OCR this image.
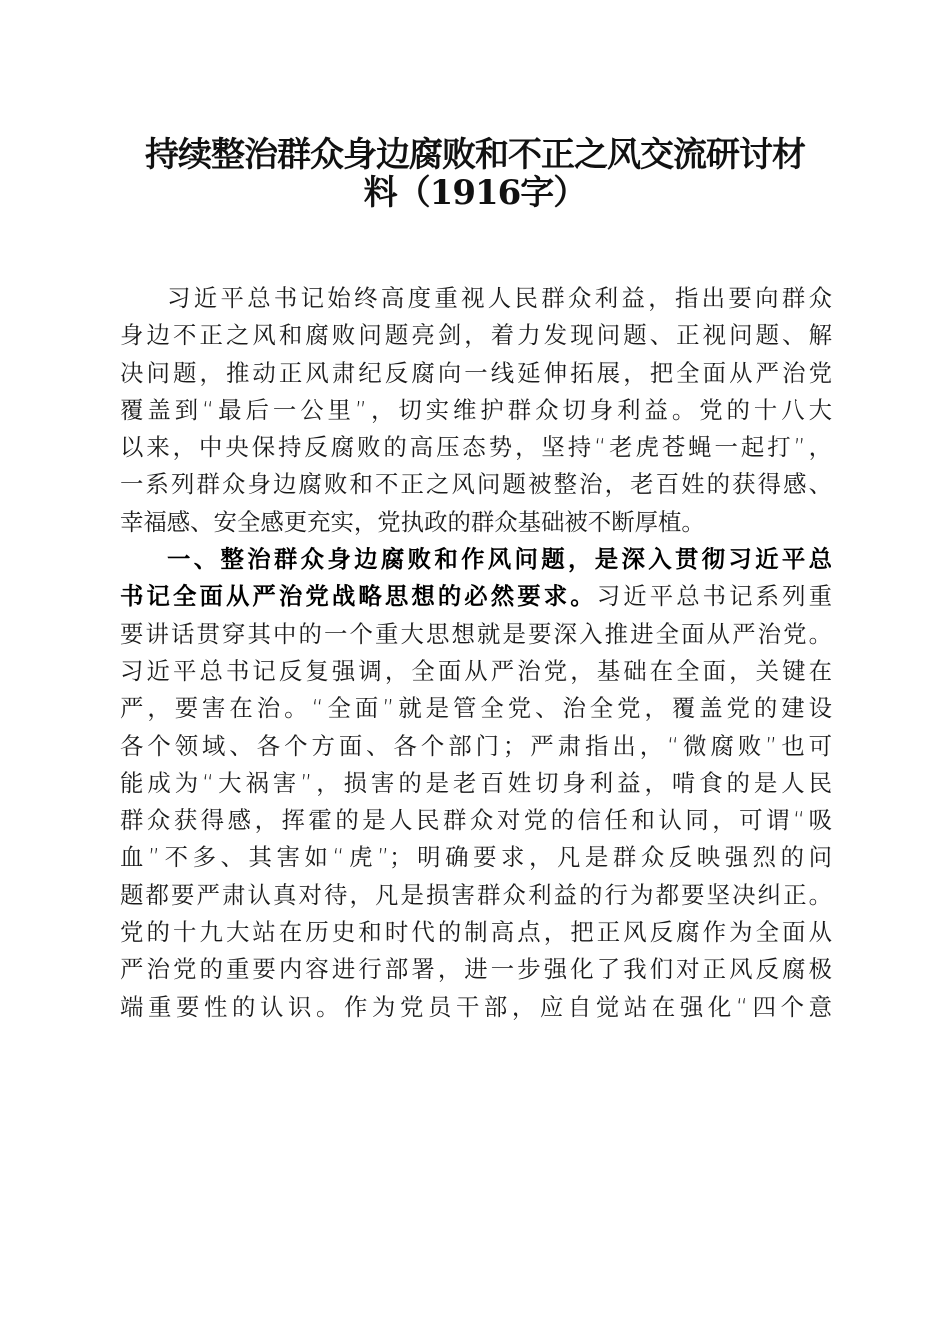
持续整治群众身边腐败和不正之风交流研讨材
料（1916字）
习近平总书记始终高度重视人民群众利益，指出要向群众
身边不正之风和腐败问题亮剑，着力发现问题、正视问题、解
决问题，推动正风肃纪反腐向一线延伸拓展，把全面从严治党
覆盖到“最后一公里”，切实维护群众切身利益。党的十八大
以来，中央保持反腐败的高压态势，坚持“老虎苍蝇一起打”，
一系列群众身边腐败和不正之风问题被整治，老百姓的获得感、
幸福感、安全感更充实，党执政的群众基础被不断厚植。
一、整治群众身边腐败和作风问题，是深入贯彻习近平总
书记全面从严治党战略思想的必然要求。习近平总书记系列重
要讲话贯穿其中的一个重大思想就是要深入推进全面从严治党。
习近平总书记反复强调，全面从严治党，基础在全面，关键在
严，要害在治。“全面”就是管全党、治全党，覆盖党的建设
各个领域、各个方面、各个部门；严肃指出，“微腐败”也可
能成为“大祸害”，损害的是老百姓切身利益，啃食的是人民
群众获得感，挥霍的是人民群众对党的信任和认同，可谓“吸
血”不多、其害如“虎”；明确要求，凡是群众反映强烈的问
题都要严肃认真对待，凡是损害群众利益的行为都要坚决纠正。
党的十九大站在历史和时代的制高点，把正风反腐作为全面从
严治党的重要内容进行部署，进一步强化了我们对正风反腐极
端重要性的认识。作为党员干部，应自觉站在强化“四个意
